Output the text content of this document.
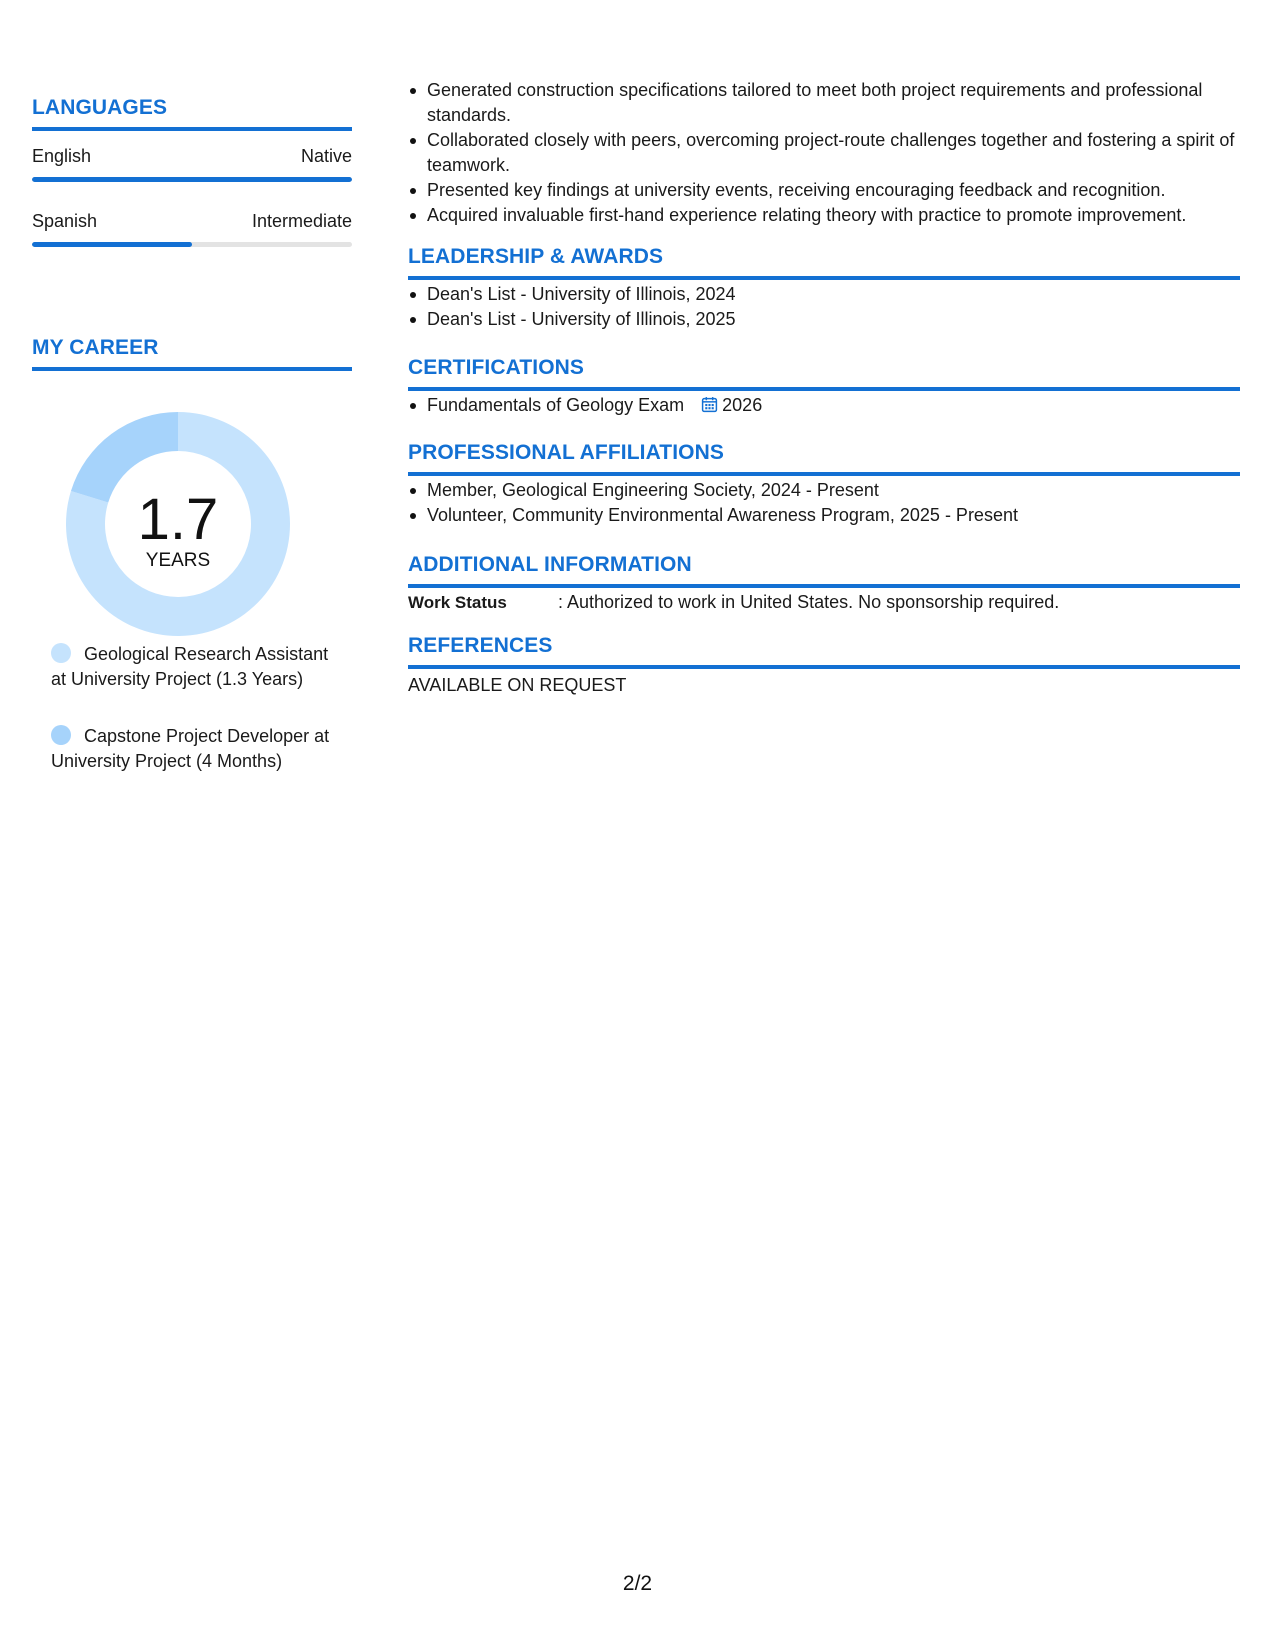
LANGUAGES
English	Native
Spanish	Intermediate
MY CAREER
1.7
YEARS
Geological Research Assistant at University Project (1.3 Years)
Capstone Project Developer at University Project (4 Months)
Generated construction specifications tailored to meet both project requirements and professional standards.
Collaborated closely with peers, overcoming project-route challenges together and fostering a spirit of teamwork.
Presented key findings at university events, receiving encouraging feedback and recognition.
Acquired invaluable first-hand experience relating theory with practice to promote improvement.
LEADERSHIP & AWARDS
Dean's List - University of Illinois, 2024
Dean's List - University of Illinois, 2025
CERTIFICATIONS
Fundamentals of Geology Exam 2026
PROFESSIONAL AFFILIATIONS
Member, Geological Engineering Society, 2024 - Present
Volunteer, Community Environmental Awareness Program, 2025 - Present
ADDITIONAL INFORMATION
Work Status	: Authorized to work in United States. No sponsorship required.
REFERENCES
AVAILABLE ON REQUEST
2/2
